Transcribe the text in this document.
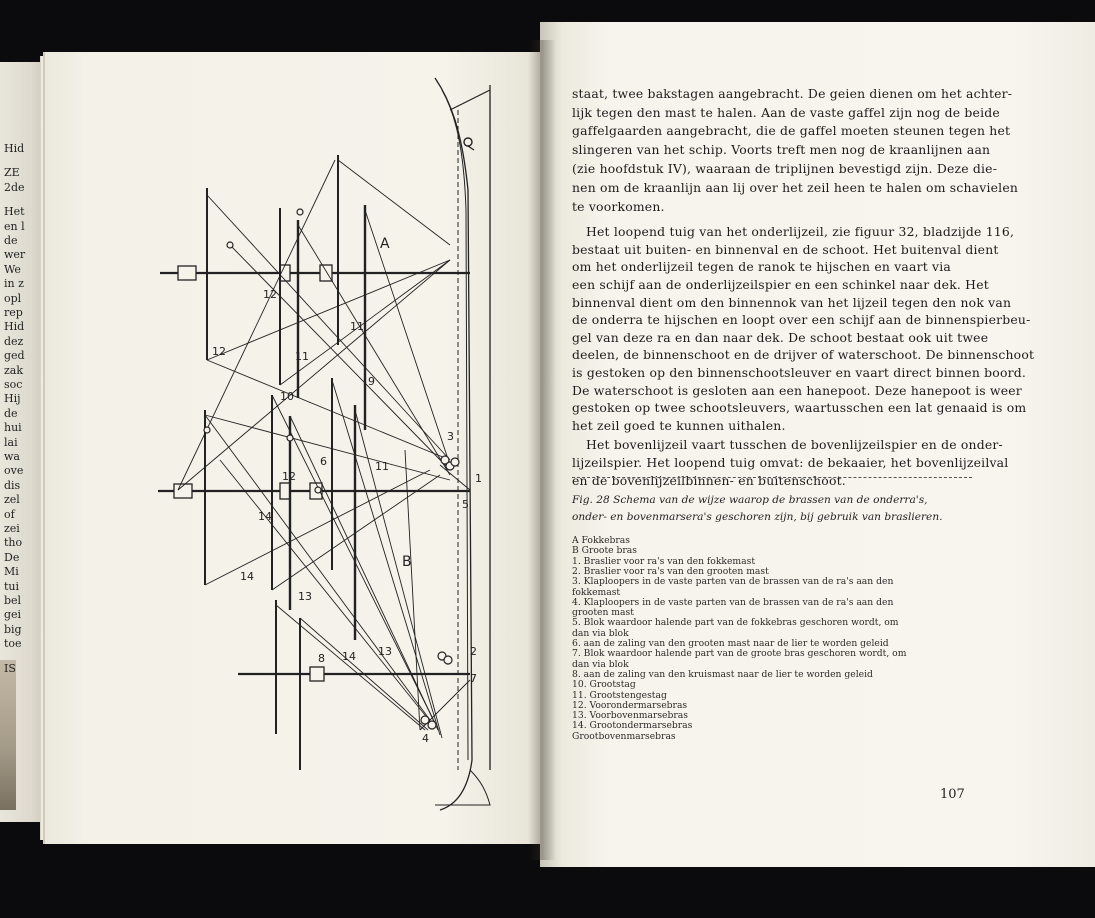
Hid
ZE
2de
Het
en l
de
wer
We
in z
opl
rep
Hid
dez
ged
zak
soc
Hij
de
hui
lai
wa
ove
dis
zel
of
zei
tho
De
Mi
tui
bel
gei
big
toe
IS
A
B
1
2
3
4
5
6
7
8
9
10
11
11
11
12
12
12
13
13
14
14
14
staat, twee bakstagen aangebracht. De geien dienen om het achter-
lijk tegen den mast te halen. Aan de vaste gaffel zijn nog de beide
gaffelgaarden aangebracht, die de gaffel moeten steunen tegen het
slingeren van het schip. Voorts treft men nog de kraanlijnen aan
(zie hoofdstuk IV), waaraan de triplijnen bevestigd zijn. Deze die-
nen om de kraanlijn aan lij over het zeil heen te halen om schavielen
te voorkomen.
Het loopend tuig van het onderlijzeil, zie figuur 32, bladzijde 116,
bestaat uit buiten- en binnenval en de schoot. Het buitenval dient
om het onderlijzeil tegen de ranok te hijschen en vaart via
een schijf aan de onderlijzeilspier en een schinkel naar dek. Het
binnenval dient om den binnennok van het lijzeil tegen den nok van
de onderra te hijschen en loopt over een schijf aan de binnenspierbeu-
gel van deze ra en dan naar dek. De schoot bestaat ook uit twee
deelen, de binnenschoot en de drijver of waterschoot. De binnenschoot
is gestoken op den binnenschootsleuver en vaart direct binnen boord.
De waterschoot is gesloten aan een hanepoot. Deze hanepoot is weer
gestoken op twee schootsleuvers, waartusschen een lat genaaid is om
het zeil goed te kunnen uithalen.
Het bovenlijzeil vaart tusschen de bovenlijzeilspier en de onder-
lijzeilspier. Het loopend tuig omvat: de bekaaier, het bovenlijzeilval
en de bovenlijzeilbinnen- en buitenschoot.
Fig. 28 Schema van de wijze waarop de brassen van de onderra's,
onder- en bovenmarsera's geschoren zijn, bij gebruik van braslieren.
A Fokkebras
B Groote bras
1. Braslier voor ra's van den fokkemast
2. Braslier voor ra's van den grooten mast
3. Klaploopers in de vaste parten van de brassen van de ra's aan den
fokkemast
4. Klaploopers in de vaste parten van de brassen van de ra's aan den
grooten mast
5. Blok waardoor halende part van de fokkebras geschoren wordt, om
dan via blok
6. aan de zaling van den grooten mast naar de lier te worden geleid
7. Blok waardoor halende part van de groote bras geschoren wordt, om
dan via blok
8. aan de zaling van den kruismast naar de lier te worden geleid
10. Grootstag
11. Grootstengestag
12. Voorondermarsebras
13. Voorbovenmarsebras
14. Grootondermarsebras
Grootbovenmarsebras
107
